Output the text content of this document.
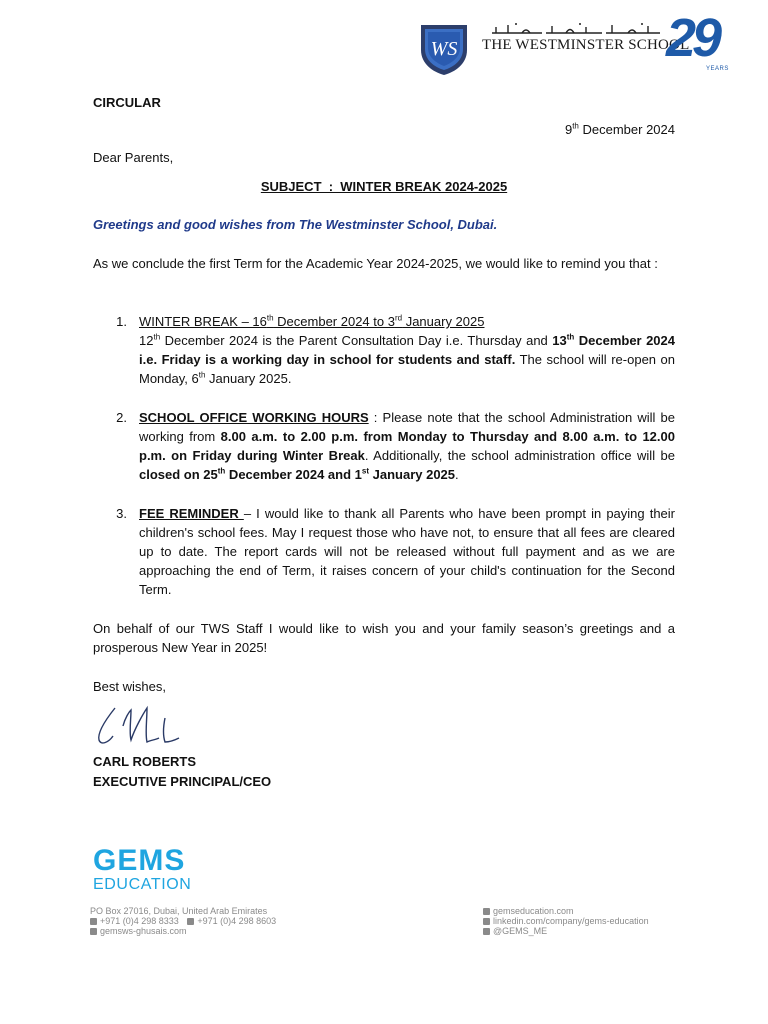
WS THE WESTMINSTER SCHOOL
29
YEARS
CIRCULAR
9th December 2024
Dear Parents,
SUBJECT  :  WINTER BREAK 2024-2025
Greetings and good wishes from The Westminster School, Dubai.
As we conclude the first Term for the Academic Year 2024-2025, we would like to remind you that :
1. WINTER BREAK – 16th December 2024 to 3rd January 2025
12th December 2024 is the Parent Consultation Day i.e. Thursday and 13th December 2024 i.e. Friday is a working day in school for students and staff. The school will re-open on Monday, 6th January 2025.
2. SCHOOL OFFICE WORKING HOURS : Please note that the school Administration will be working from 8.00 a.m. to 2.00 p.m. from Monday to Thursday and 8.00 a.m. to 12.00 p.m. on Friday during Winter Break. Additionally, the school administration office will be closed on 25th December 2024 and 1st January 2025.
3. FEE REMINDER – I would like to thank all Parents who have been prompt in paying their children's school fees. May I request those who have not, to ensure that all fees are cleared up to date. The report cards will not be released without full payment and as we are approaching the end of Term, it raises concern of your child's continuation for the Second Term.
On behalf of our TWS Staff I would like to wish you and your family season’s greetings and a prosperous New Year in 2025!
Best wishes,
CARL ROBERTS
EXECUTIVE PRINCIPAL/CEO
GEMS
EDUCATION
PO Box 27016, Dubai, United Arab Emirates
+971 (0)4 298 8333 +971 (0)4 298 8603
gemsws-ghusais.com
gemseducation.com
linkedin.com/company/gems-education
@GEMS_ME
